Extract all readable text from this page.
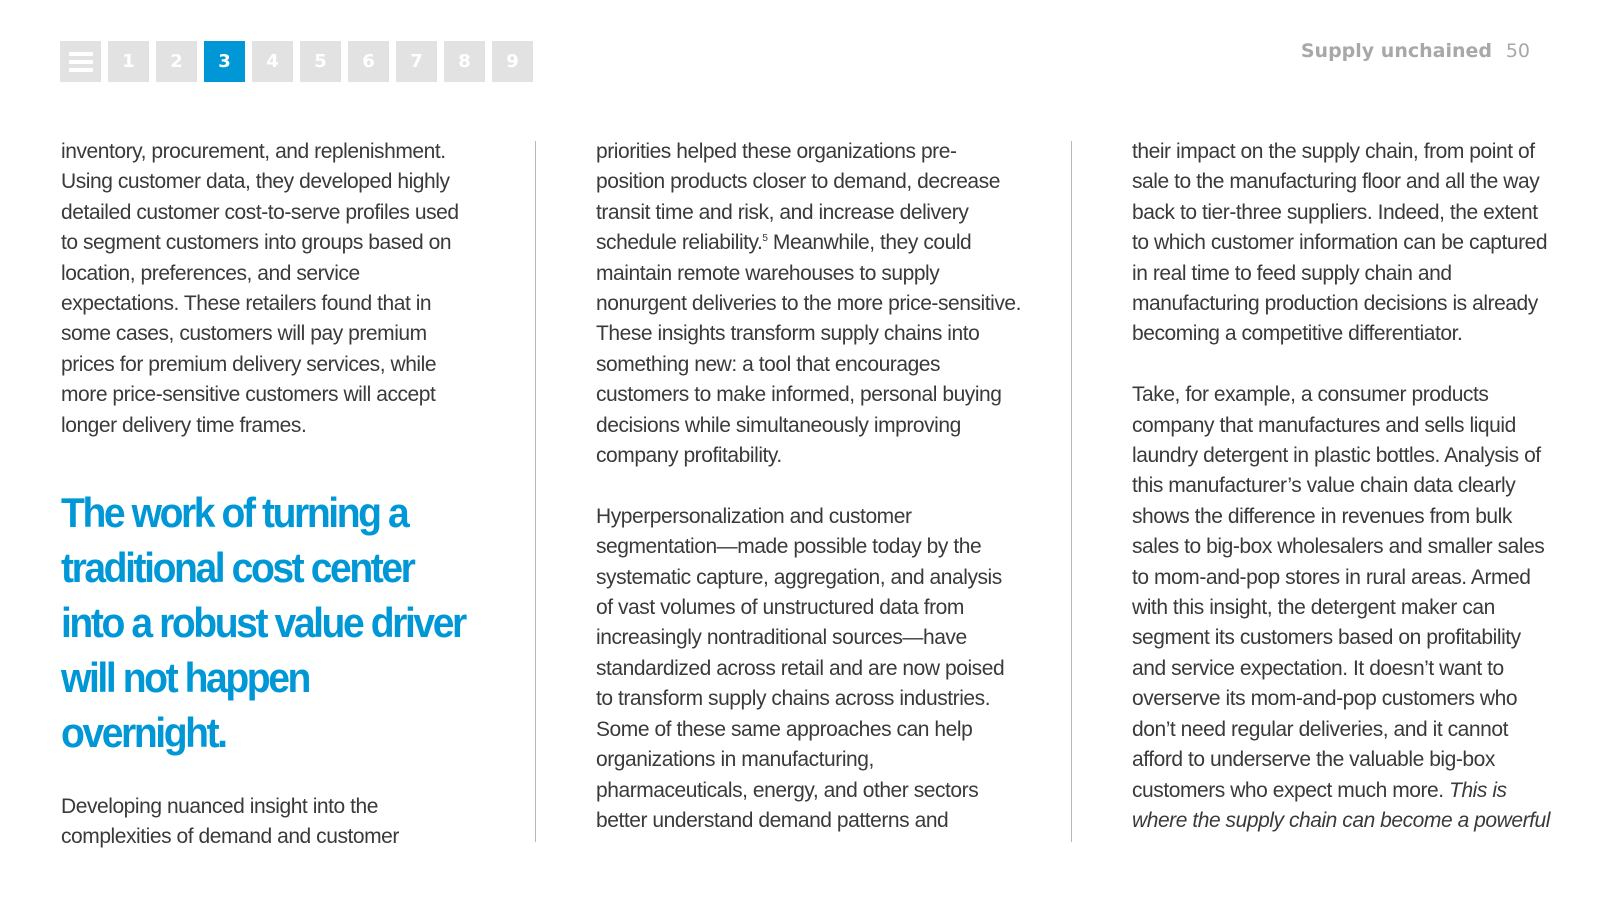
1	2	3	4	5	6	7	8	9	Supply unchained 50

inventory, procurement, and replenishment. Using customer data, they developed highly detailed customer cost-to-serve profiles used to segment customers into groups based on location, preferences, and service expectations. These retailers found that in some cases, customers will pay premium prices for premium delivery services, while more price-sensitive customers will accept longer delivery time frames.

The work of turning a traditional cost center into a robust value driver will not happen overnight.

Developing nuanced insight into the complexities of demand and customer

priorities helped these organizations pre-position products closer to demand, decrease transit time and risk, and increase delivery schedule reliability.$^5$ Meanwhile, they could maintain remote warehouses to supply nonurgent deliveries to the more price-sensitive. These insights transform supply chains into something new: a tool that encourages customers to make informed, personal buying decisions while simultaneously improving company profitability.

Hyperpersonalization and customer segmentation—made possible today by the systematic capture, aggregation, and analysis of vast volumes of unstructured data from increasingly nontraditional sources—have standardized across retail and are now poised to transform supply chains across industries. Some of these same approaches can help organizations in manufacturing, pharmaceuticals, energy, and other sectors better understand demand patterns and

their impact on the supply chain, from point of sale to the manufacturing floor and all the way back to tier-three suppliers. Indeed, the extent to which customer information can be captured in real time to feed supply chain and manufacturing production decisions is already becoming a competitive differentiator.

Take, for example, a consumer products company that manufactures and sells liquid laundry detergent in plastic bottles. Analysis of this manufacturer’s value chain data clearly shows the difference in revenues from bulk sales to big-box wholesalers and smaller sales to mom-and-pop stores in rural areas. Armed with this insight, the detergent maker can segment its customers based on profitability and service expectation. It doesn’t want to overserve its mom-and-pop customers who don’t need regular deliveries, and it cannot afford to underserve the valuable big-box customers who expect much more. This is where the supply chain can become a powerful
